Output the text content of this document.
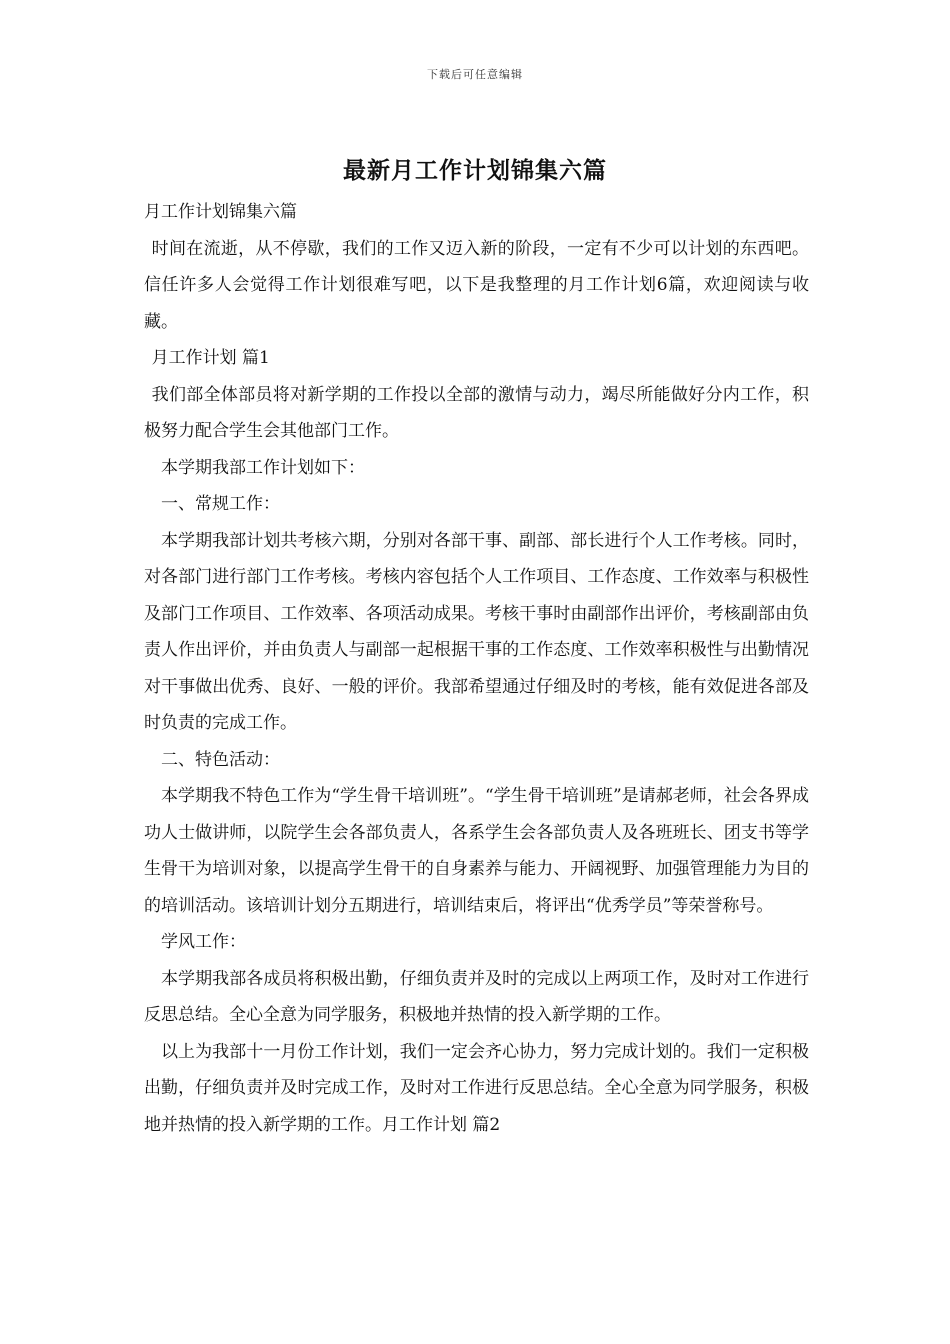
下载后可任意编辑
最新月工作计划锦集六篇

月工作计划锦集六篇

时间在流逝，从不停歇，我们的工作又迈入新的阶段，一定有不少可以计划的东西吧。信任许多人会觉得工作计划很难写吧，以下是我整理的月工作计划6篇，欢迎阅读与收藏。

月工作计划 篇1

我们部全体部员将对新学期的工作投以全部的激情与动力，竭尽所能做好分内工作，积极努力配合学生会其他部门工作。

本学期我部工作计划如下：

一、常规工作：

本学期我部计划共考核六期，分别对各部干事、副部、部长进行个人工作考核。同时，对各部门进行部门工作考核。考核内容包括个人工作项目、工作态度、工作效率与积极性及部门工作项目、工作效率、各项活动成果。考核干事时由副部作出评价，考核副部由负责人作出评价，并由负责人与副部一起根据干事的工作态度、工作效率积极性与出勤情况对干事做出优秀、良好、一般的评价。我部希望通过仔细及时的考核，能有效促进各部及时负责的完成工作。

二、特色活动：

本学期我不特色工作为“学生骨干培训班”。“学生骨干培训班”是请郝老师，社会各界成功人士做讲师，以院学生会各部负责人，各系学生会各部负责人及各班班长、团支书等学生骨干为培训对象，以提高学生骨干的自身素养与能力、开阔视野、加强管理能力为目的的培训活动。该培训计划分五期进行，培训结束后，将评出“优秀学员”等荣誉称号。

学风工作：

本学期我部各成员将积极出勤，仔细负责并及时的完成以上两项工作，及时对工作进行反思总结。全心全意为同学服务，积极地并热情的投入新学期的工作。

以上为我部十一月份工作计划，我们一定会齐心协力，努力完成计划的。我们一定积极出勤，仔细负责并及时完成工作，及时对工作进行反思总结。全心全意为同学服务，积极地并热情的投入新学期的工作。月工作计划 篇2
